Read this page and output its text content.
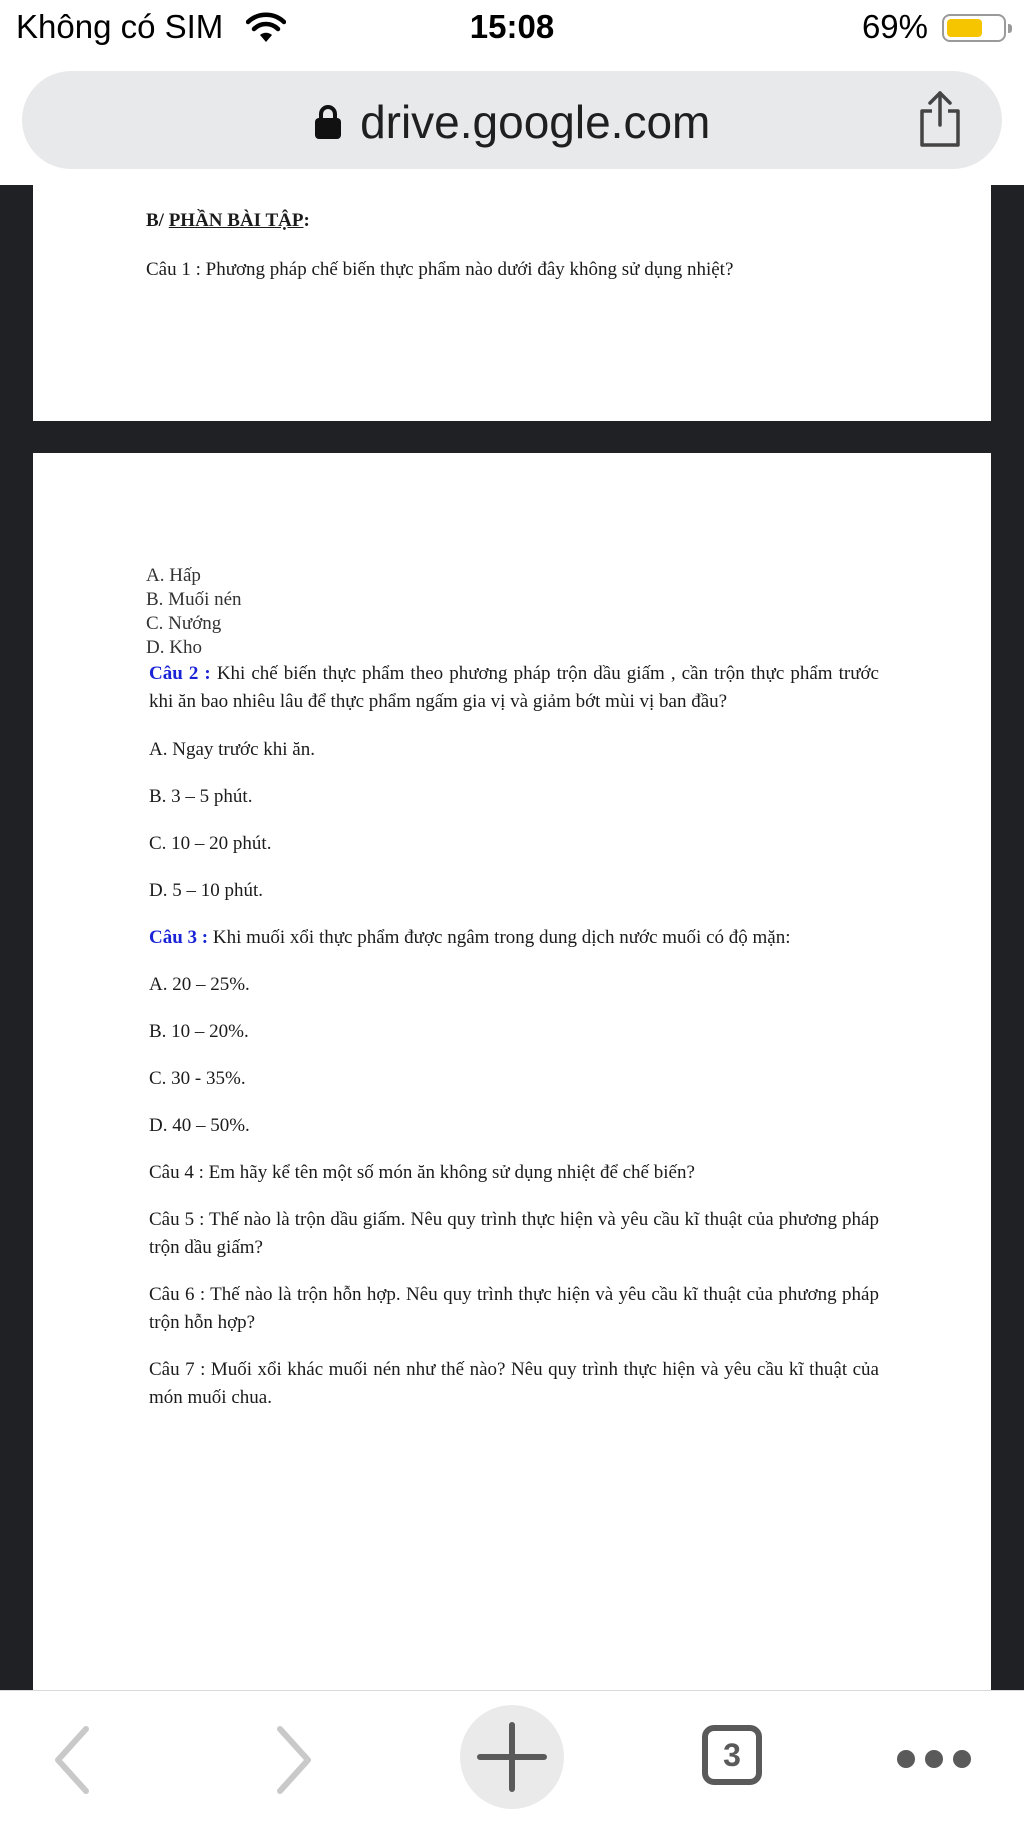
Không có SIM	15:08	69%
drive.google.com
B/ PHẦN BÀI TẬP:
Câu 1 : Phương pháp chế biến thực phẩm nào dưới đây không sử dụng nhiệt?
A. Hấp
B. Muối nén
C. Nướng
D. Kho
Câu 2 : Khi chế biến thực phẩm theo phương pháp trộn dầu giấm , cần trộn thực phẩm trước khi ăn bao nhiêu lâu để thực phẩm ngấm gia vị và giảm bớt mùi vị ban đầu?
A. Ngay trước khi ăn.
B. 3 – 5 phút.
C. 10 – 20 phút.
D. 5 – 10 phút.
Câu 3 : Khi muối xổi thực phẩm được ngâm trong dung dịch nước muối có độ mặn:
A. 20 – 25%.
B. 10 – 20%.
C. 30 - 35%.
D. 40 – 50%.
Câu 4 : Em hãy kể tên một số món ăn không sử dụng nhiệt để chế biến?
Câu 5 : Thế nào là trộn dầu giấm. Nêu quy trình thực hiện và yêu cầu kĩ thuật của phương pháp trộn dầu giấm?
Câu 6 : Thế nào là trộn hỗn hợp. Nêu quy trình thực hiện và yêu cầu kĩ thuật của phương pháp trộn hỗn hợp?
Câu 7 : Muối xổi khác muối nén như thế nào? Nêu quy trình thực hiện và yêu cầu kĩ thuật của món muối chua.
3
